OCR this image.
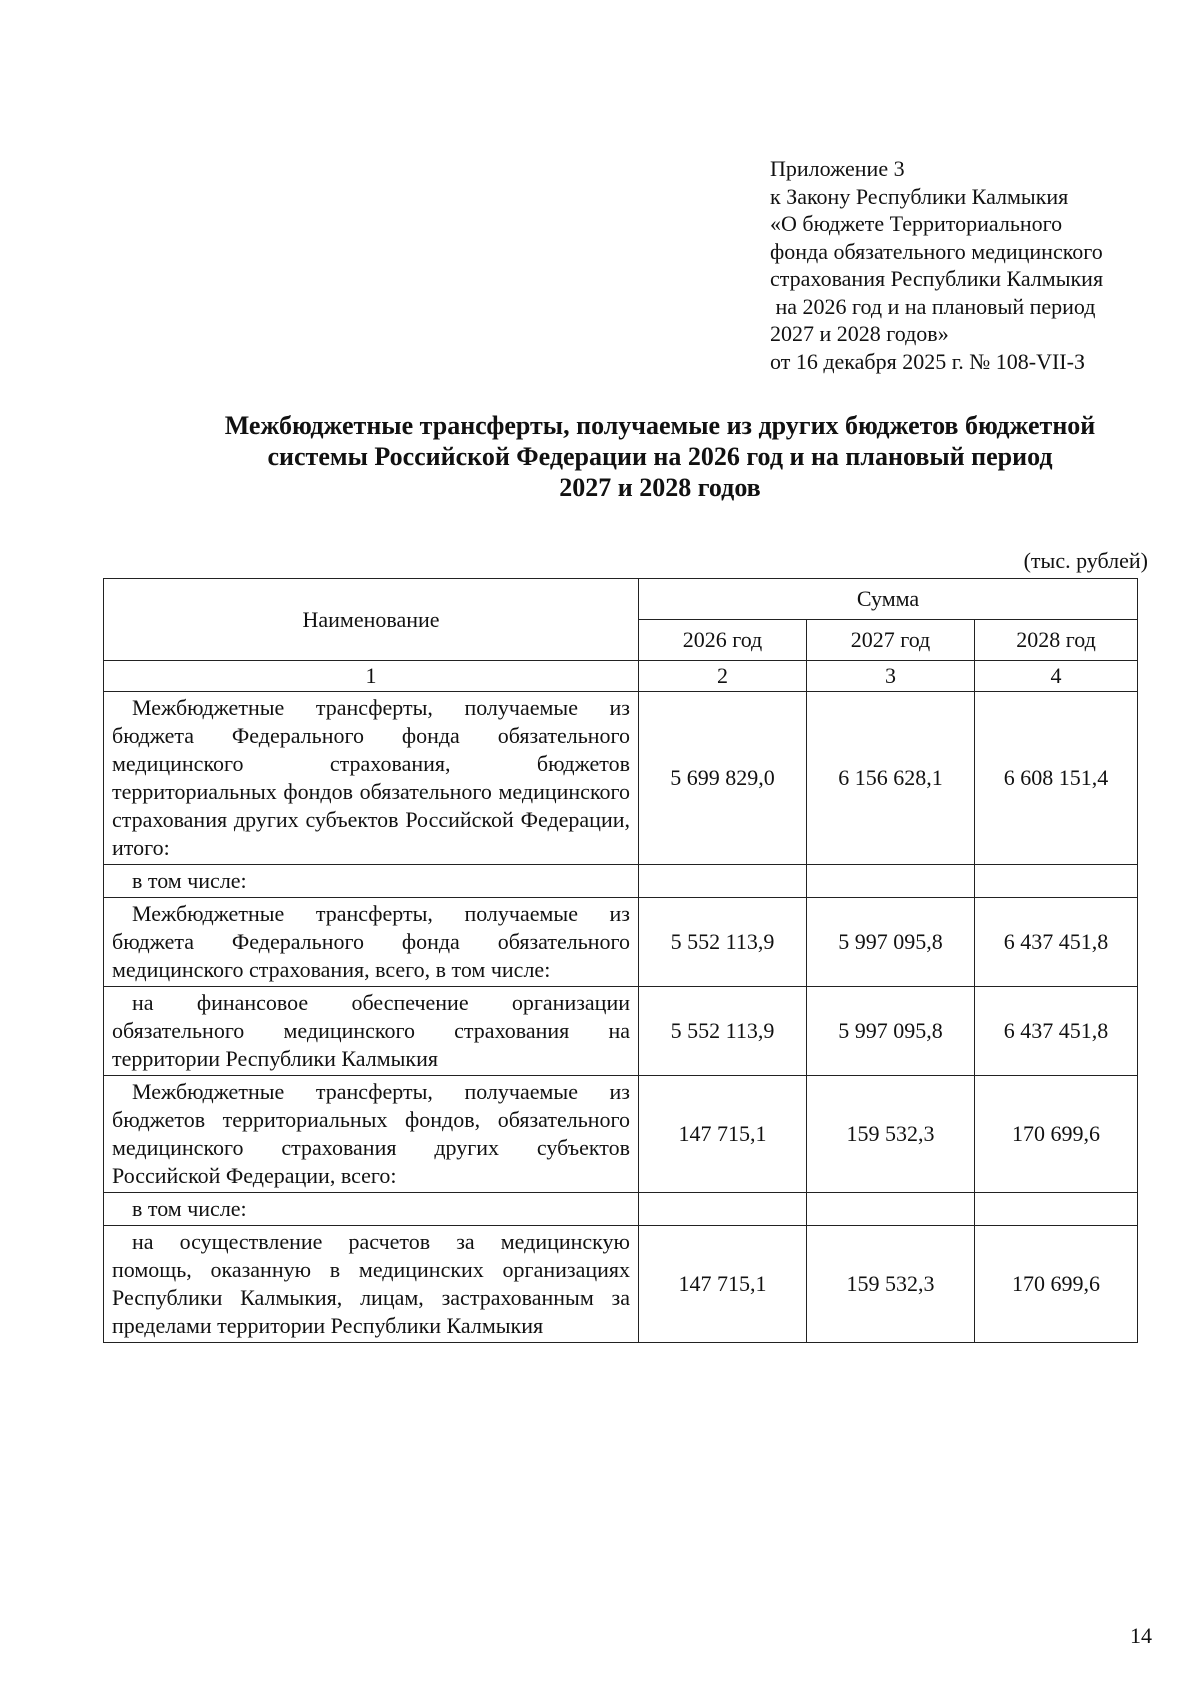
Приложение 3
к Закону Республики Калмыкия
«О бюджете Территориального
фонда обязательного медицинского
страхования Республики Калмыкия
на 2026 год и на плановый период
2027 и 2028 годов»
от 16 декабря 2025 г. № 108-VII-З
Межбюджетные трансферты, получаемые из других бюджетов бюджетной
системы Российской Федерации на 2026 год и на плановый период
2027 и 2028 годов
(тыс. рублей)
Наименование	Сумма		
	2026 год	2027 год	2028 год
1	2	3	4
Межбюджетные трансферты, получаемые из бюджета Федерального фонда обязательного медицинского страхования, бюджетов территориальных фондов обязательного медицинского страхования других субъектов Российской Федерации, итого:	5 699 829,0	6 156 628,1	6 608 151,4
в том числе:			
Межбюджетные трансферты, получаемые из бюджета Федерального фонда обязательного медицинского страхования, всего, в том числе:	5 552 113,9	5 997 095,8	6 437 451,8
на финансовое обеспечение организации обязательного медицинского страхования на территории Республики Калмыкия	5 552 113,9	5 997 095,8	6 437 451,8
Межбюджетные трансферты, получаемые из бюджетов территориальных фондов, обязательного медицинского страхования других субъектов Российской Федерации, всего:	147 715,1	159 532,3	170 699,6
в том числе:			
на осуществление расчетов за медицинскую помощь, оказанную в медицинских организациях Республики Калмыкия, лицам, застрахованным за пределами территории Республики Калмыкия	147 715,1	159 532,3	170 699,6
14
